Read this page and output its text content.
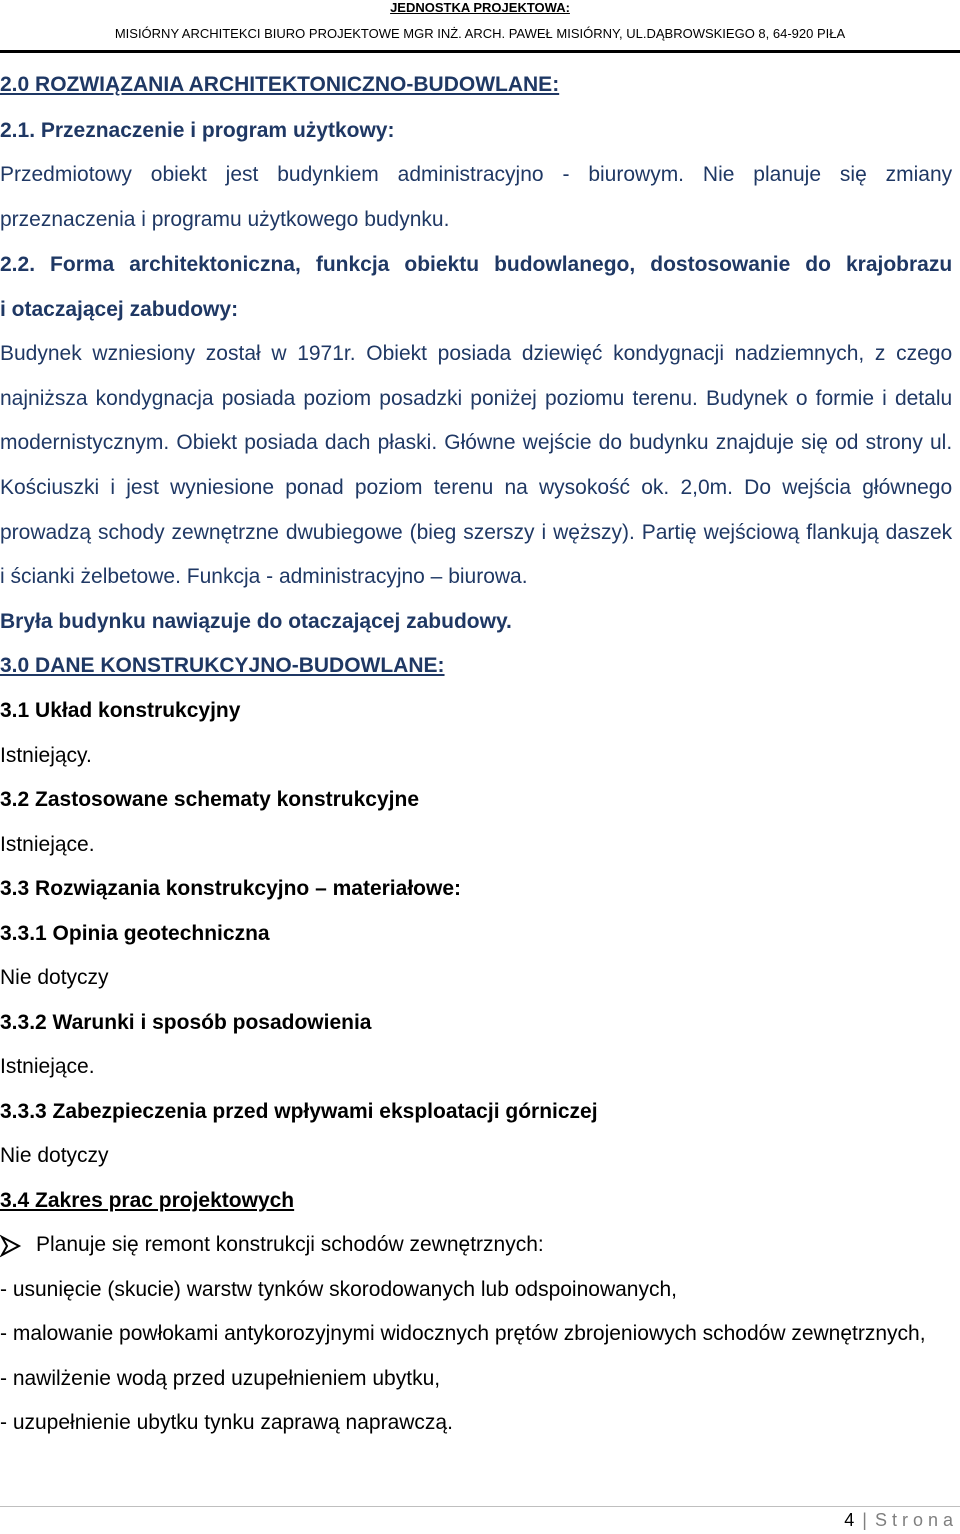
JEDNOSTKA PROJEKTOWA:
MISIÓRNY ARCHITEKCI BIURO PROJEKTOWE MGR INŻ. ARCH. PAWEŁ MISIÓRNY, UL.DĄBROWSKIEGO 8, 64-920 PIŁA
2.0 ROZWIĄZANIA ARCHITEKTONICZNO-BUDOWLANE:
2.1. Przeznaczenie i program użytkowy:
Przedmiotowy obiekt jest budynkiem administracyjno - biurowym. Nie planuje się zmiany
przeznaczenia i programu użytkowego budynku.
2.2. Forma architektoniczna, funkcja obiektu budowlanego, dostosowanie do krajobrazu
i otaczającej zabudowy:
Budynek wzniesiony został w 1971r. Obiekt posiada dziewięć kondygnacji nadziemnych, z czego
najniższa kondygnacja posiada poziom posadzki poniżej poziomu terenu. Budynek o formie i detalu
modernistycznym. Obiekt posiada dach płaski. Główne wejście do budynku znajduje się od strony ul.
Kościuszki i jest wyniesione ponad poziom terenu na wysokość ok. 2,0m. Do wejścia głównego
prowadzą schody zewnętrzne dwubiegowe (bieg szerszy i węższy). Partię wejściową flankują daszek
i ścianki żelbetowe. Funkcja - administracyjno – biurowa.
Bryła budynku nawiązuje do otaczającej zabudowy.
3.0 DANE KONSTRUKCYJNO-BUDOWLANE:
3.1 Układ konstrukcyjny
Istniejący.
3.2 Zastosowane schematy konstrukcyjne
Istniejące.
3.3 Rozwiązania konstrukcyjno – materiałowe:
3.3.1 Opinia geotechniczna
Nie dotyczy
3.3.2 Warunki i sposób posadowienia
Istniejące.
3.3.3 Zabezpieczenia przed wpływami eksploatacji górniczej
Nie dotyczy
3.4 Zakres prac projektowych
Planuje się remont konstrukcji schodów zewnętrznych:
- usunięcie (skucie) warstw tynków skorodowanych lub odspoinowanych,
- malowanie powłokami antykorozyjnymi widocznych prętów zbrojeniowych schodów zewnętrznych,
- nawilżenie wodą przed uzupełnieniem ubytku,
- uzupełnienie ubytku tynku zaprawą naprawczą.
4 | Strona
